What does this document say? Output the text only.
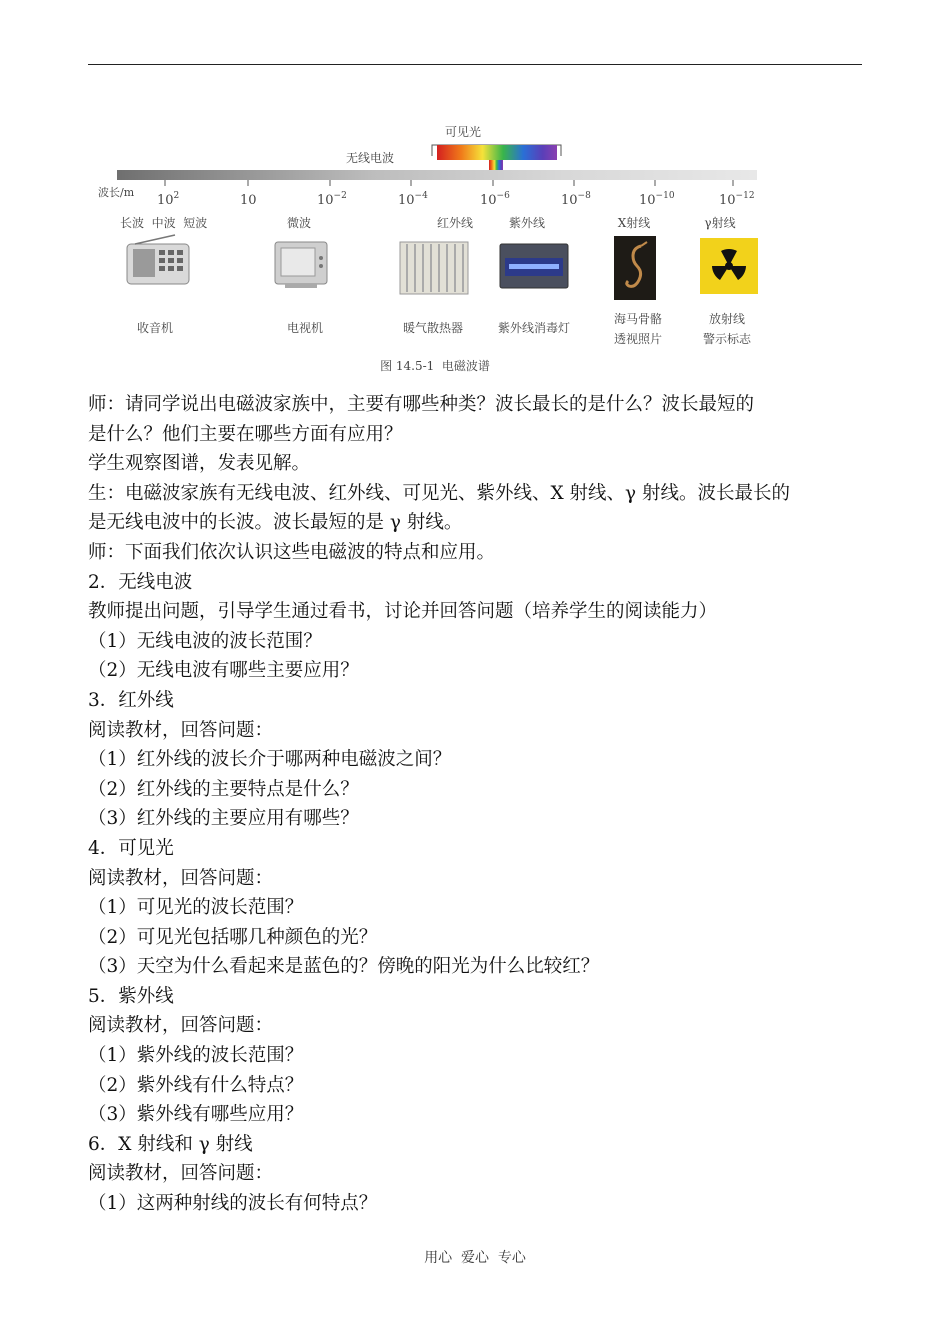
可见光
无线电波
波长/m
$10^2$	10	$10^{-2}$	$10^{-4}$	$10^{-6}$	$10^{-8}$	$10^{-10}$	$10^{-12}$
长波  中波  短波	微波	红外线	紫外线	X射线	γ射线
收音机	电视机	暖气散热器	紫外线消毒灯
海马骨骼
透视照片
放射线
警示标志
图 14.5-1  电磁波谱

师：请同学说出电磁波家族中，主要有哪些种类？波长最长的是什么？波长最短的

是什么？他们主要在哪些方面有应用？

学生观察图谱，发表见解。

生：电磁波家族有无线电波、红外线、可见光、紫外线、X 射线、γ 射线。波长最长的

是无线电波中的长波。波长最短的是 γ 射线。

师：下面我们依次认识这些电磁波的特点和应用。

2．无线电波

教师提出问题，引导学生通过看书，讨论并回答问题（培养学生的阅读能力）

（1）无线电波的波长范围？

（2）无线电波有哪些主要应用？

3．红外线

阅读教材，回答问题：

（1）红外线的波长介于哪两种电磁波之间？

（2）红外线的主要特点是什么？

（3）红外线的主要应用有哪些？

4．可见光

阅读教材，回答问题：

（1）可见光的波长范围？

（2）可见光包括哪几种颜色的光？

（3）天空为什么看起来是蓝色的？傍晚的阳光为什么比较红？

5．紫外线

阅读教材，回答问题：

（1）紫外线的波长范围？

（2）紫外线有什么特点？

（3）紫外线有哪些应用？

6．X 射线和 γ 射线

阅读教材，回答问题：

（1）这两种射线的波长有何特点？

用心  爱心  专心
